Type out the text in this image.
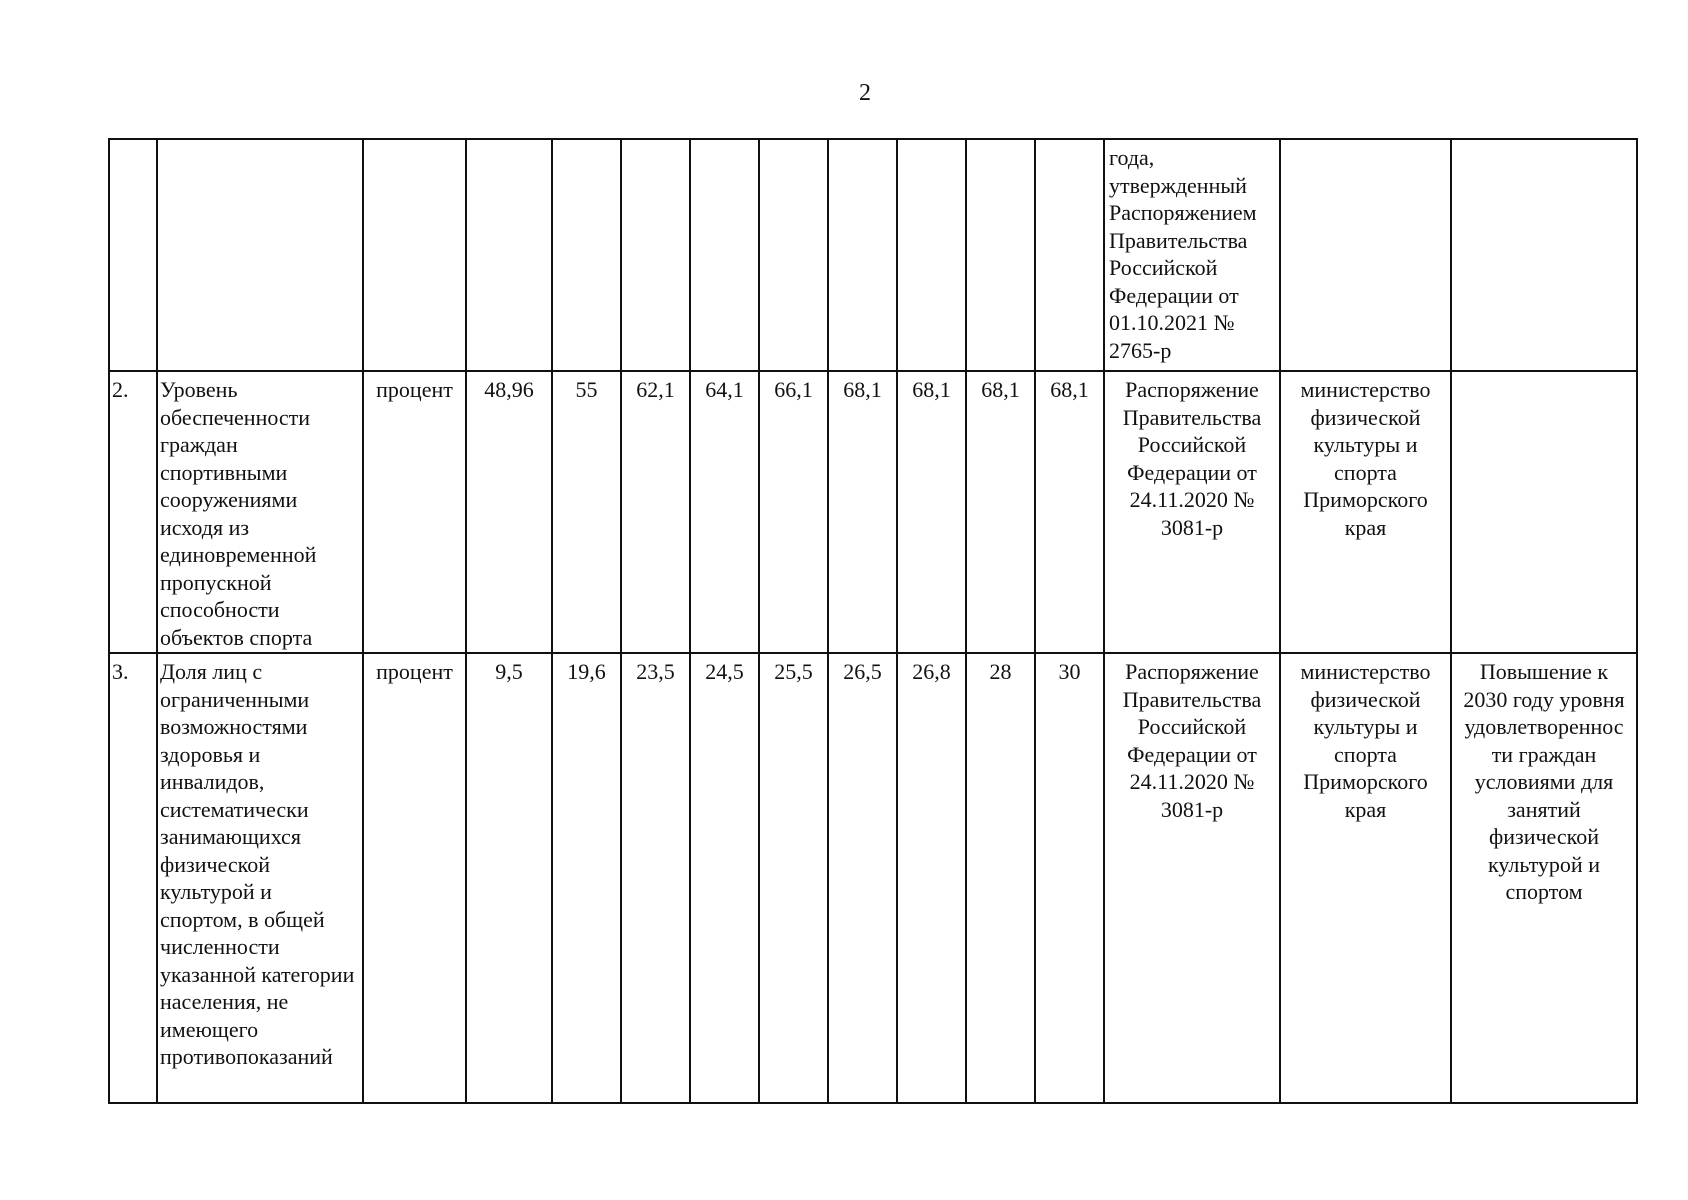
2
												года, утвержденный Распоряжением Правительства Российской Федерации от 01.10.2021 № 2765-р		
2.	Уровень обеспеченности граждан спортивными сооружениями исходя из единовременной пропускной способности объектов спорта	процент	48,96	55	62,1	64,1	66,1	68,1	68,1	68,1	68,1	Распоряжение Правительства Российской Федерации от 24.11.2020 № 3081-р	министерство физической культуры и спорта Приморского края	
3.	Доля лиц с ограниченными возможностями здоровья и инвалидов, систематически занимающихся физической культурой и спортом, в общей численности указанной категории населения, не имеющего противопоказаний	процент	9,5	19,6	23,5	24,5	25,5	26,5	26,8	28	30	Распоряжение Правительства Российской Федерации от 24.11.2020 № 3081-р	министерство физической культуры и спорта Приморского края	Повышение к 2030 году уровня удовлетвореннос ти граждан условиями для занятий физической культурой и спортом
